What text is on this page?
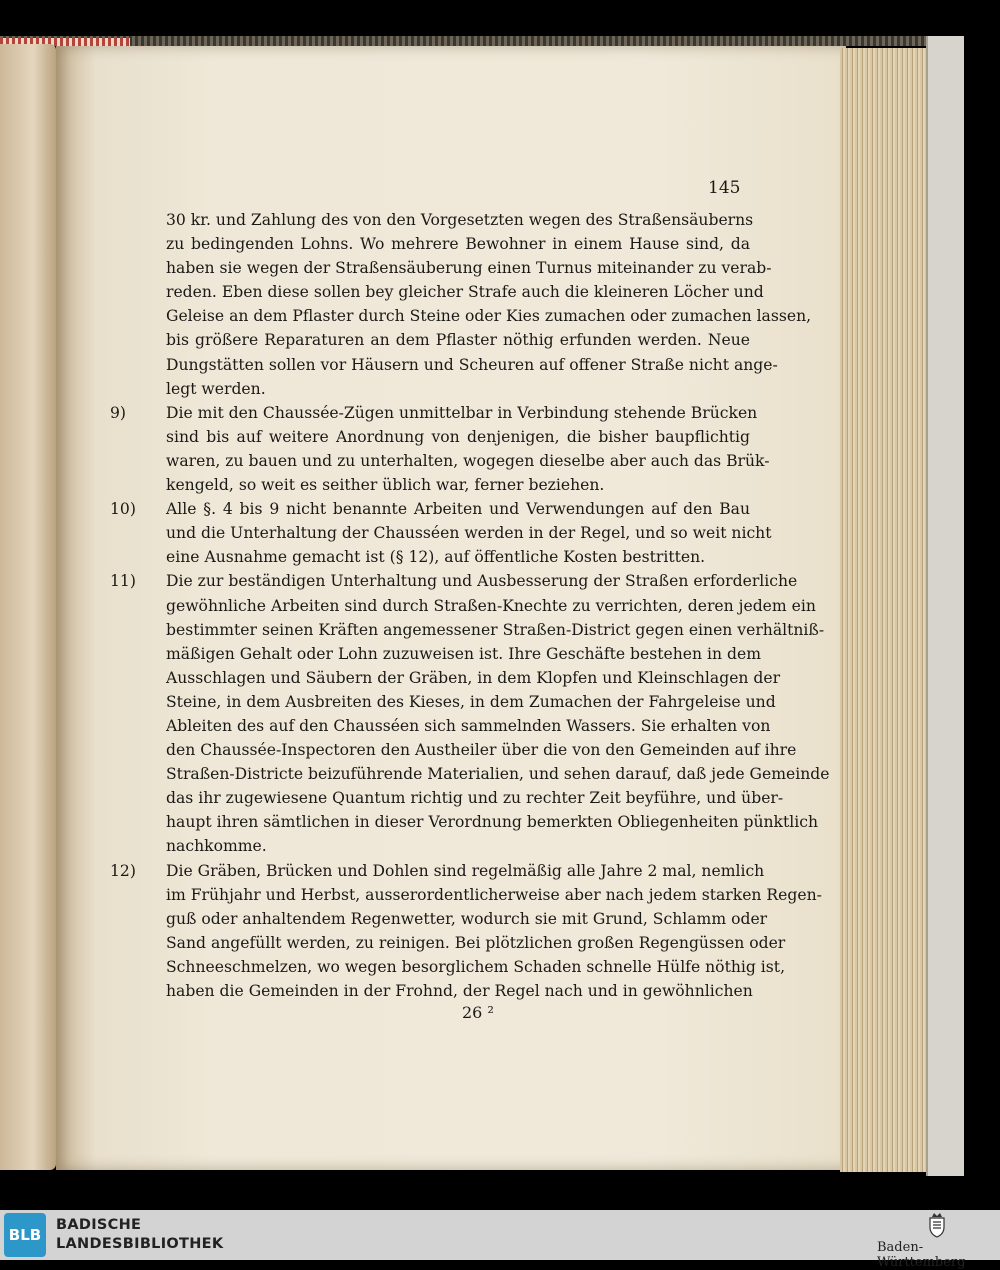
145
30 kr. und Zahlung des von den Vorgesetzten wegen des Straßensäuberns
zu bedingenden Lohns. Wo mehrere Bewohner in einem Hause sind, da
haben sie wegen der Straßensäuberung einen Turnus miteinander zu verab-
reden. Eben diese sollen bey gleicher Strafe auch die kleineren Löcher und
Geleise an dem Pflaster durch Steine oder Kies zumachen oder zumachen lassen,
bis größere Reparaturen an dem Pflaster nöthig erfunden werden. Neue
Dungstätten sollen vor Häusern und Scheuren auf offener Straße nicht ange-
legt werden.
9)	Die mit den Chaussée-Zügen unmittelbar in Verbindung stehende Brücken
sind bis auf weitere Anordnung von denjenigen, die bisher baupflichtig
waren, zu bauen und zu unterhalten, wogegen dieselbe aber auch das Brük-
kengeld, so weit es seither üblich war, ferner beziehen.
10) Alle §. 4 bis 9 nicht benannte Arbeiten und Verwendungen auf den Bau
und die Unterhaltung der Chausséen werden in der Regel, und so weit nicht
eine Ausnahme gemacht ist (§ 12), auf öffentliche Kosten bestritten.
11) Die zur beständigen Unterhaltung und Ausbesserung der Straßen erforderliche
gewöhnliche Arbeiten sind durch Straßen-Knechte zu verrichten, deren jedem ein
bestimmter seinen Kräften angemessener Straßen-District gegen einen verhältniß-
mäßigen Gehalt oder Lohn zuzuweisen ist. Ihre Geschäfte bestehen in dem
Ausschlagen und Säubern der Gräben, in dem Klopfen und Kleinschlagen der
Steine, in dem Ausbreiten des Kieses, in dem Zumachen der Fahrgeleise und
Ableiten des auf den Chausséen sich sammelnden Wassers. Sie erhalten von
den Chaussée-Inspectoren den Austheiler über die von den Gemeinden auf ihre
Straßen-Districte beizuführende Materialien, und sehen darauf, daß jede Gemeinde
das ihr zugewiesene Quantum richtig und zu rechter Zeit beyführe, und über-
haupt ihren sämtlichen in dieser Verordnung bemerkten Obliegenheiten pünktlich
nachkomme.
12) Die Gräben, Brücken und Dohlen sind regelmäßig alle Jahre 2 mal, nemlich
im Frühjahr und Herbst, ausserordentlicherweise aber nach jedem starken Regen-
guß oder anhaltendem Regenwetter, wodurch sie mit Grund, Schlamm oder
Sand angefüllt werden, zu reinigen. Bei plötzlichen großen Regengüssen oder
Schneeschmelzen, wo wegen besorglichem Schaden schnelle Hülfe nöthig ist,
haben die Gemeinden in der Frohnd, der Regel nach und in gewöhnlichen
26 ²
BLB
BADISCHE
LANDESBIBLIOTHEK	Baden-Württemberg
